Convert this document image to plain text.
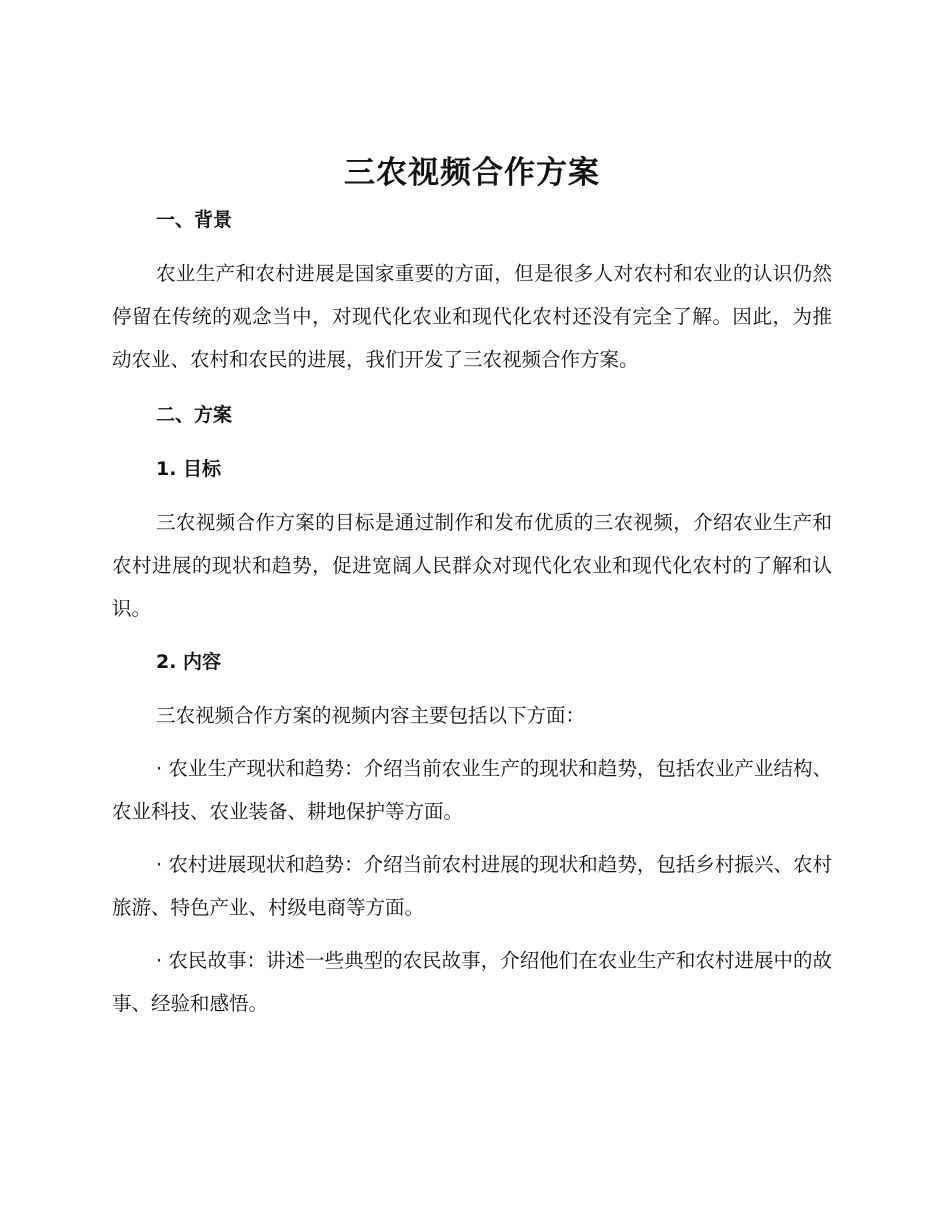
三农视频合作方案
一、背景

农业生产和农村进展是国家重要的方面，但是很多人对农村和农业的认识仍然停留在传统的观念当中，对现代化农业和现代化农村还没有完全了解。因此，为推动农业、农村和农民的进展，我们开发了三农视频合作方案。

二、方案
1. 目标

三农视频合作方案的目标是通过制作和发布优质的三农视频，介绍农业生产和农村进展的现状和趋势，促进宽阔人民群众对现代化农业和现代化农村的了解和认识。

2. 内容

三农视频合作方案的视频内容主要包括以下方面：

· 农业生产现状和趋势：介绍当前农业生产的现状和趋势，包括农业产业结构、农业科技、农业装备、耕地保护等方面。

· 农村进展现状和趋势：介绍当前农村进展的现状和趋势，包括乡村振兴、农村旅游、特色产业、村级电商等方面。

· 农民故事：讲述一些典型的农民故事，介绍他们在农业生产和农村进展中的故事、经验和感悟。
